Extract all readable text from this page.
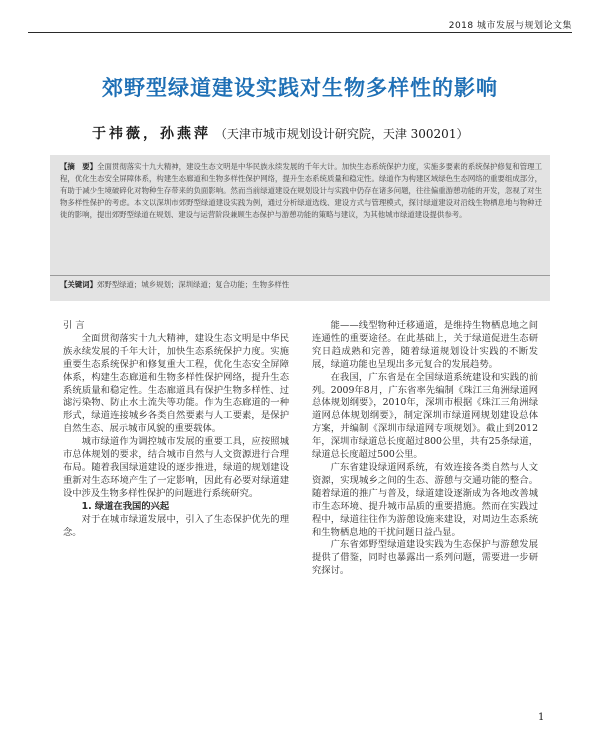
2018 城市发展与规划论文集
郊野型绿道建设实践对生物多样性的影响
于祎薇，孙燕萍 （天津市城市规划设计研究院，天津 300201）

【摘　要】全面贯彻落实十九大精神，建设生态文明是中华民族永续发展的千年大计。加快生态系统保护力度，实施多要素的系统保护修复和管理工程，优化生态安全屏障体系，构建生态廊道和生物多样性保护网络，提升生态系统质量和稳定性。绿道作为构建区域绿色生态网络的重要组成部分，有助于减少生境破碎化对物种生存带来的负面影响。然而当前绿道建设在规划设计与实践中仍存在诸多问题，往往偏重游憩功能的开发，忽视了对生物多样性保护的考虑。本文以深圳市郊野型绿道建设实践为例，通过分析绿道选线、建设方式与管理模式，探讨绿道建设对沿线生物栖息地与物种迁徙的影响，提出郊野型绿道在规划、建设与运营阶段兼顾生态保护与游憩功能的策略与建议，为其他城市绿道建设提供参考。

【关键词】郊野型绿道；城乡规划；深圳绿道；复合功能；生物多样性

引言

全面贯彻落实十九大精神，建设生态文明是中华民族永续发展的千年大计，加快生态系统保护力度。实施重要生态系统保护和修复重大工程，优化生态安全屏障体系，构建生态廊道和生物多样性保护网络，提升生态系统质量和稳定性。生态廊道具有保护生物多样性、过滤污染物、防止水土流失等功能。作为生态廊道的一种形式，绿道连接城乡各类自然要素与人工要素，是保护自然生态、展示城市风貌的重要载体。

城市绿道作为调控城市发展的重要工具，应按照城市总体规划的要求，结合城市自然与人文资源进行合理布局。随着我国绿道建设的逐步推进，绿道的规划建设重新对生态环境产生了一定影响，因此有必要对绿道建设中涉及生物多样性保护的问题进行系统研究。

1. 绿道在我国的兴起

对于在城市绿道发展中，引入了生态保护优先的理念。

能——线型物种迁移通道，是维持生物栖息地之间连通性的重要途径。在此基础上，关于绿道促进生态研究日趋成熟和完善，随着绿道规划设计实践的不断发展，绿道功能也呈现出多元复合的发展趋势。

在我国，广东省是在全国绿道系统建设和实践的前列。2009年8月，广东省率先编制《珠江三角洲绿道网总体规划纲要》，2010年，深圳市根据《珠江三角洲绿道网总体规划纲要》，制定深圳市绿道网规划建设总体方案，并编制《深圳市绿道网专项规划》。截止到2012年，深圳市绿道总长度超过800公里，共有25条绿道，绿道总长度超过500公里。

广东省建设绿道网系统，有效连接各类自然与人文资源，实现城乡之间的生态、游憩与交通功能的整合。随着绿道的推广与普及，绿道建设逐渐成为各地改善城市生态环境、提升城市品质的重要措施。然而在实践过程中，绿道往往作为游憩设施来建设，对周边生态系统和生物栖息地的干扰问题日益凸显。

广东省郊野型绿道建设实践为生态保护与游憩发展提供了借鉴，同时也暴露出一系列问题，需要进一步研究探讨。

1
